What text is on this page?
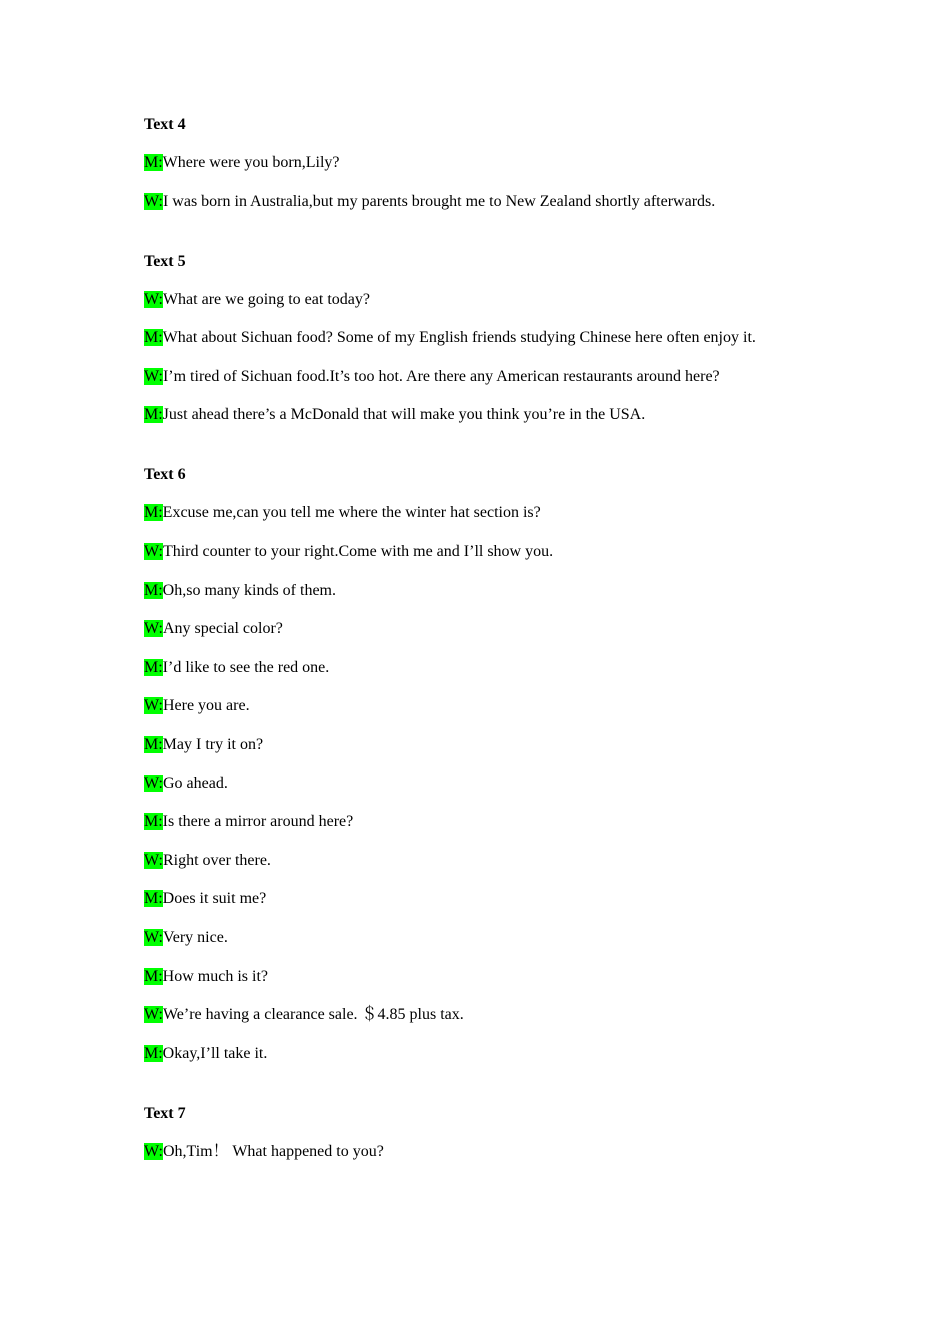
Text 4
M:Where were you born,Lily?
W:I was born in Australia,but my parents brought me to New Zealand shortly afterwards.
Text 5
W:What are we going to eat today?
M:What about Sichuan food? Some of my English friends studying Chinese here often enjoy it.
W:I’m tired of Sichuan food.It’s too hot. Are there any American restaurants around here?
M:Just ahead there’s a McDonald that will make you think you’re in the USA.
Text 6
M:Excuse me,can you tell me where the winter hat section is?
W:Third counter to your right.Come with me and I’ll show you.
M:Oh,so many kinds of them.
W:Any special color?
M:I’d like to see the red one.
W:Here you are.
M:May I try it on?
W:Go ahead.
M:Is there a mirror around here?
W:Right over there.
M:Does it suit me?
W:Very nice.
M:How much is it?
W:We’re having a clearance sale. ＄4.85 plus tax.
M:Okay,I’ll take it.
Text 7
W:Oh,Tim！ What happened to you?
